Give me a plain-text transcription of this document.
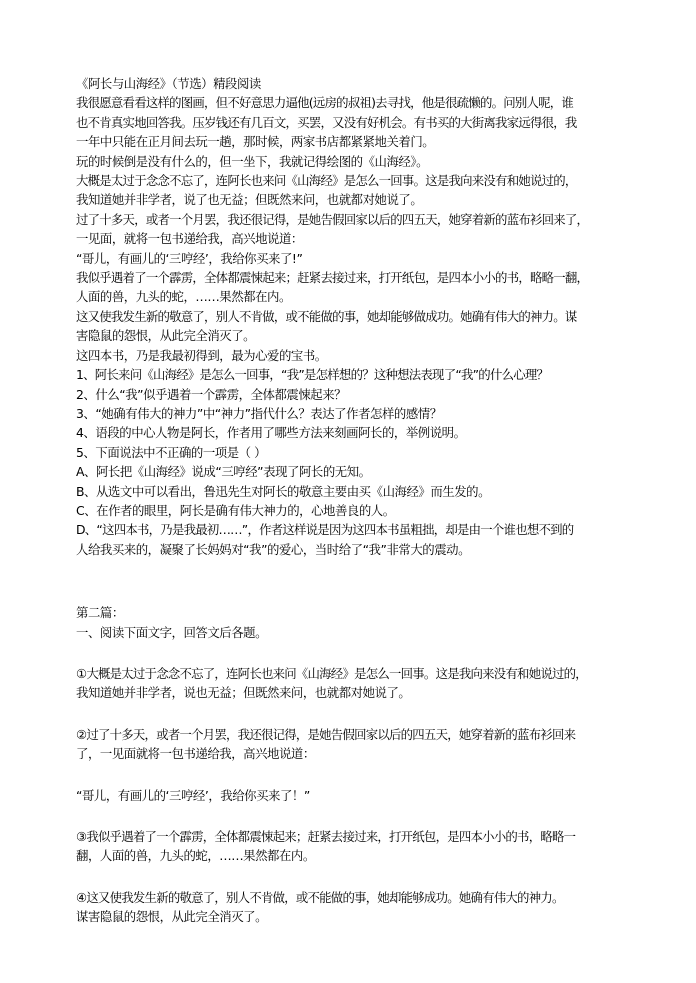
《阿长与山海经》（节选）精段阅读
我很愿意看看这样的图画，但不好意思力逼他(远房的叔祖)去寻找，他是很疏懒的。问别人呢，谁
也不肯真实地回答我。压岁钱还有几百文，买罢，又没有好机会。有书买的大街离我家远得很，我
一年中只能在正月间去玩一趟，那时候，两家书店都紧紧地关着门。
玩的时候倒是没有什么的，但一坐下，我就记得绘图的《山海经》。
大概是太过于念念不忘了，连阿长也来问《山海经》是怎么一回事。这是我向来没有和她说过的，
我知道她并非学者，说了也无益；但既然来问，也就都对她说了。
过了十多天，或者一个月罢，我还很记得，是她告假回家以后的四五天，她穿着新的蓝布衫回来了，
一见面，就将一包书递给我，高兴地说道：
“哥儿，有画儿的‘三哼经’，我给你买来了!”
我似乎遇着了一个霹雳，全体都震悚起来；赶紧去接过来，打开纸包，是四本小小的书，略略一翻，
人面的兽，九头的蛇，……果然都在内。
这又使我发生新的敬意了，别人不肯做，或不能做的事，她却能够做成功。她确有伟大的神力。谋
害隐鼠的怨恨，从此完全消灭了。
这四本书，乃是我最初得到，最为心爱的宝书。
1、阿长来问《山海经》是怎么一回事，“我”是怎样想的？这种想法表现了“我”的什么心理？
2、什么“我”似乎遇着一个霹雳，全体都震悚起来？
3、“她确有伟大的神力”中“神力”指代什么？表达了作者怎样的感情？
4、语段的中心人物是阿长，作者用了哪些方法来刻画阿长的，举例说明。
5、下面说法中不正确的一项是（ ）
A、阿长把《山海经》说成“三哼经”表现了阿长的无知。
B、从选文中可以看出，鲁迅先生对阿长的敬意主要由买《山海经》而生发的。
C、在作者的眼里，阿长是确有伟大神力的，心地善良的人。
D、“这四本书，乃是我最初……”，作者这样说是因为这四本书虽粗拙，却是由一个谁也想不到的
人给我买来的，凝聚了长妈妈对“我”的爱心，当时给了“我”非常大的震动。
第二篇：
一、阅读下面文字，回答文后各题。
①大概是太过于念念不忘了，连阿长也来问《山海经》是怎么一回事。这是我向来没有和她说过的，
我知道她并非学者，说也无益；但既然来问，也就都对她说了。
②过了十多天，或者一个月罢，我还很记得，是她告假回家以后的四五天，她穿着新的蓝布衫回来
了，一见面就将一包书递给我，高兴地说道：
“哥儿，有画儿的‘三哼经’，我给你买来了！”
③我似乎遇着了一个霹雳，全体都震悚起来；赶紧去接过来，打开纸包，是四本小小的书，略略一
翻，人面的兽，九头的蛇，……果然都在内。
④这又使我发生新的敬意了，别人不肯做，或不能做的事，她却能够成功。她确有伟大的神力。
谋害隐鼠的怨恨，从此完全消灭了。
